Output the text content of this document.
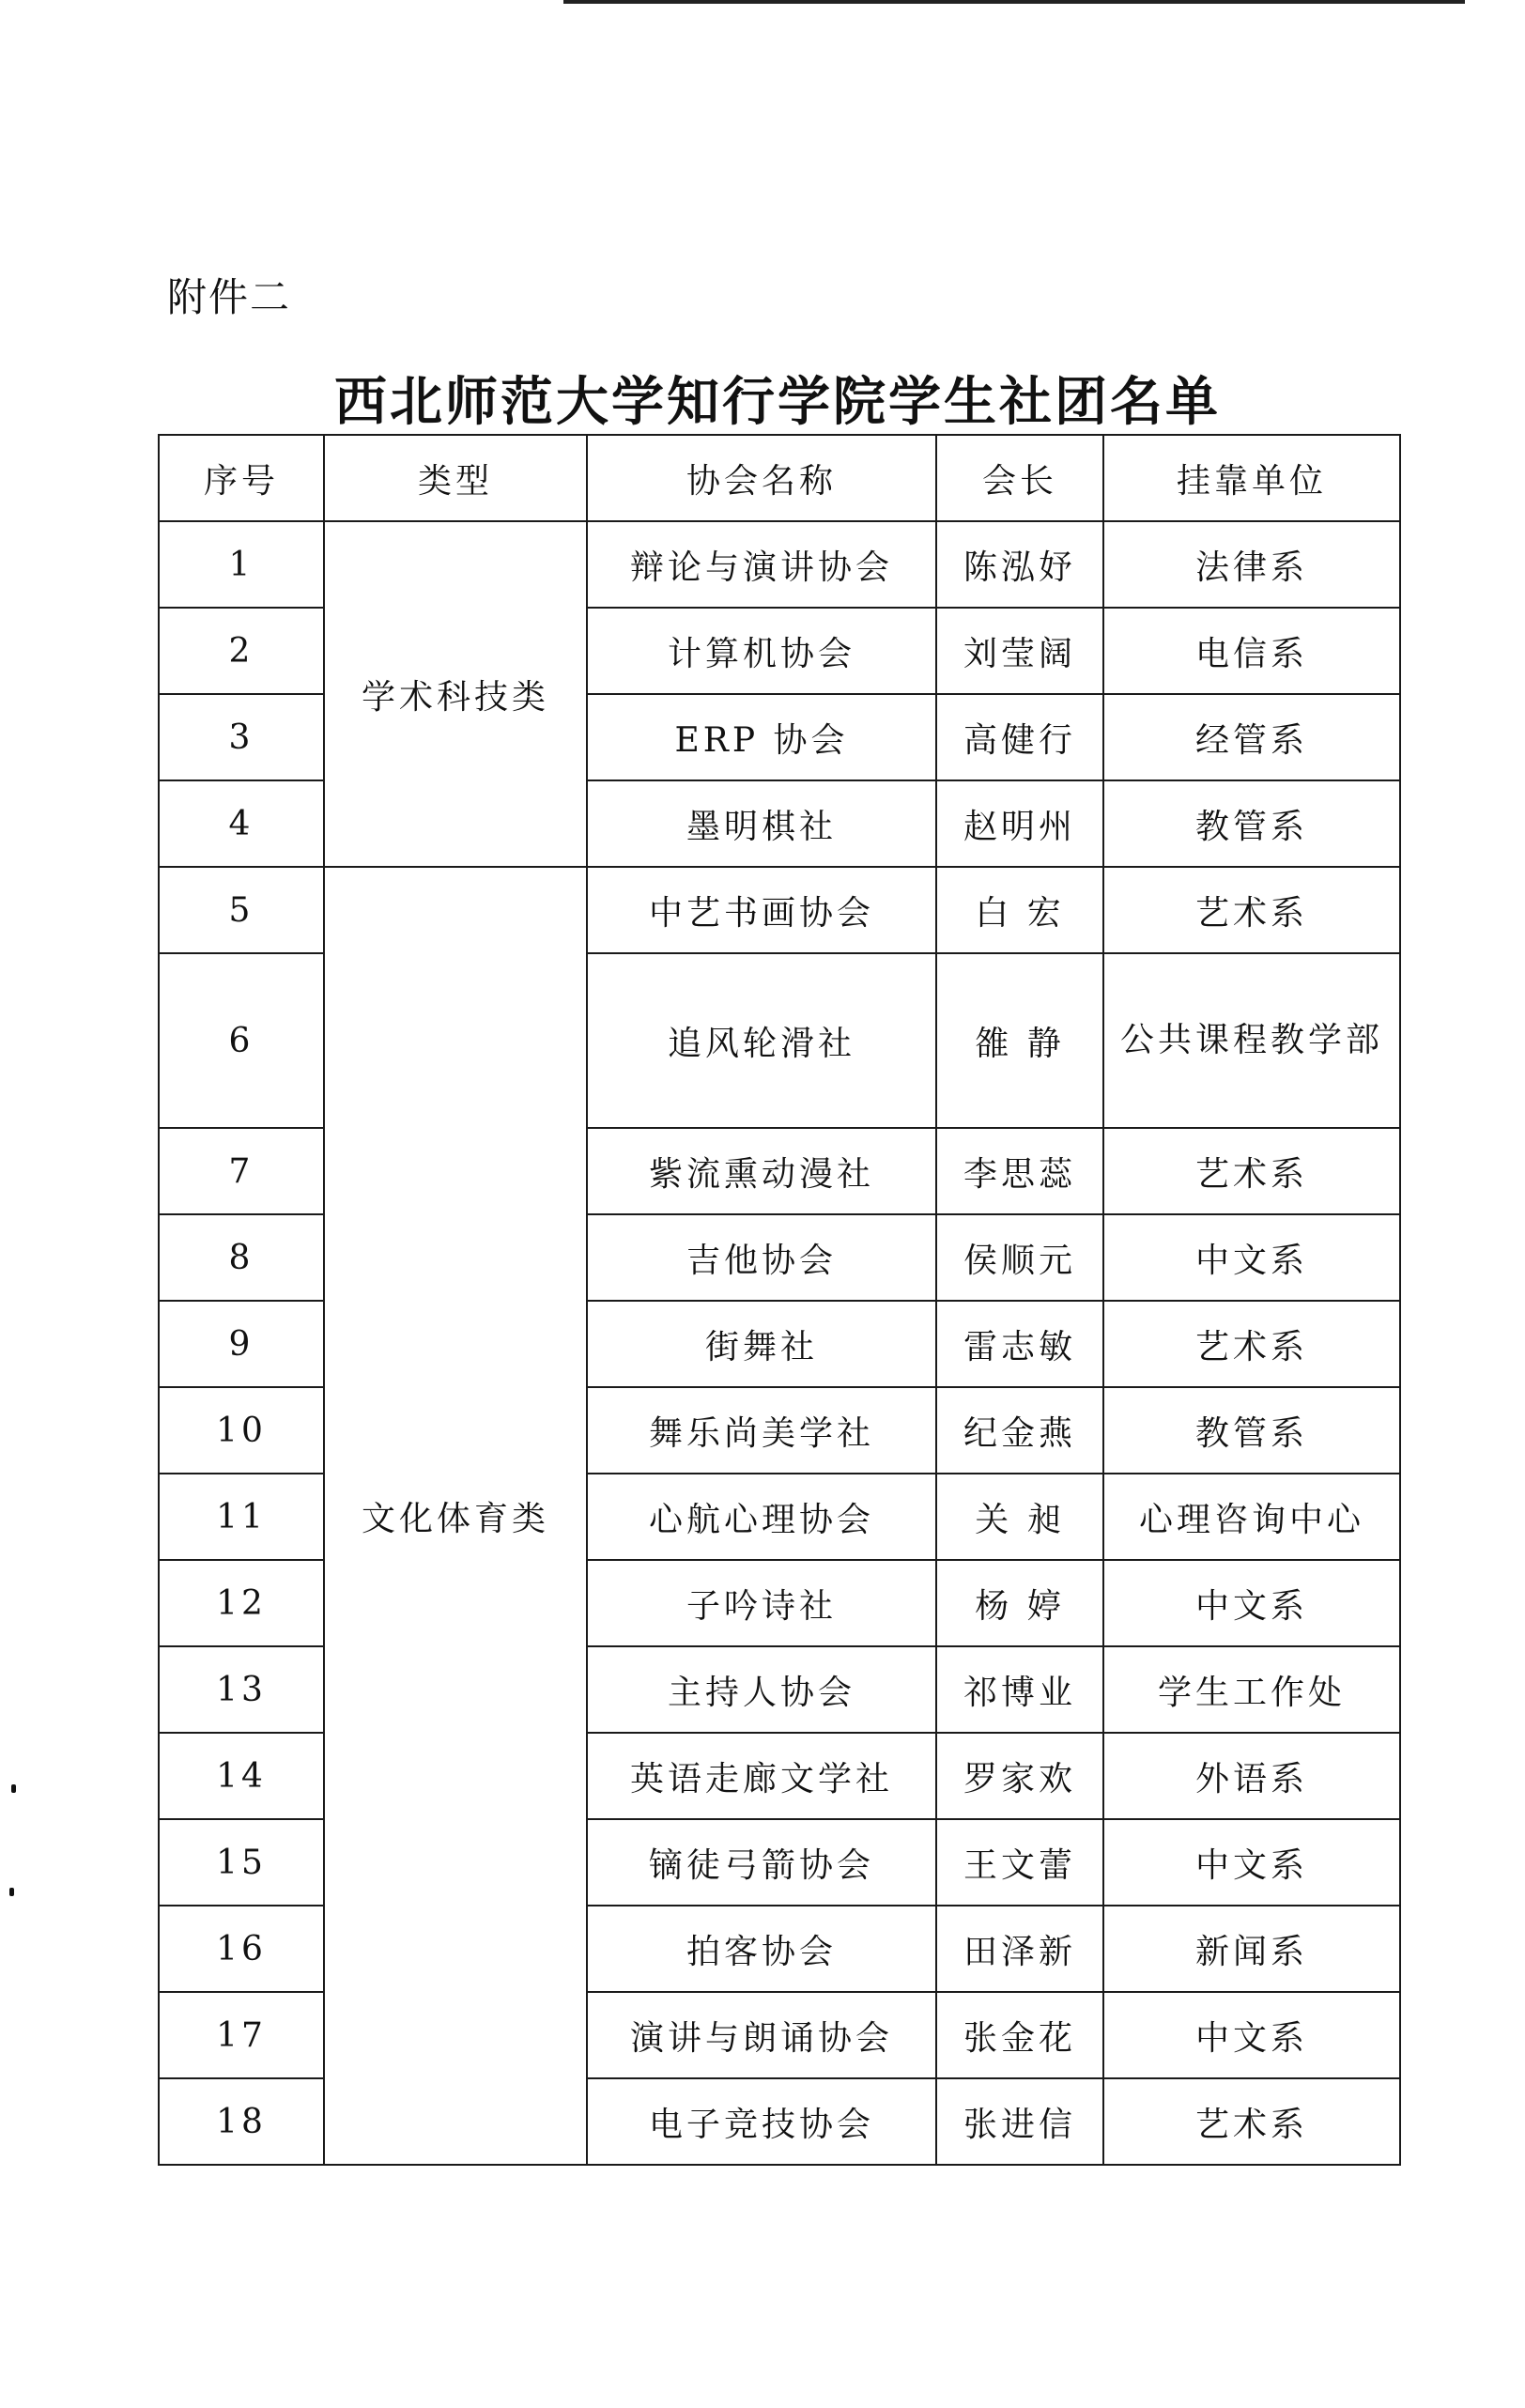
附件二
西北师范大学知行学院学生社团名单
序号	类型	协会名称	会长	挂靠单位
1	学术科技类	辩论与演讲协会	陈泓妤	法律系
2		计算机协会	刘莹阔	电信系
3		ERP 协会	高健行	经管系
4		墨明棋社	赵明州	教管系
5	文化体育类	中艺书画协会	白 宏	艺术系
6		追风轮滑社	雒 静	公共课程教学部

7		紫流熏动漫社	李思蕊	艺术系
8		吉他协会	侯顺元	中文系
9		街舞社	雷志敏	艺术系
10		舞乐尚美学社	纪金燕	教管系
11		心航心理协会	关 昶	心理咨询中心
12		子吟诗社	杨 婷	中文系
13		主持人协会	祁博业	学生工作处
14		英语走廊文学社	罗家欢	外语系
15		镝徒弓箭协会	王文蕾	中文系
16		拍客协会	田泽新	新闻系
17		演讲与朗诵协会	张金花	中文系
18		电子竞技协会	张进信	艺术系
